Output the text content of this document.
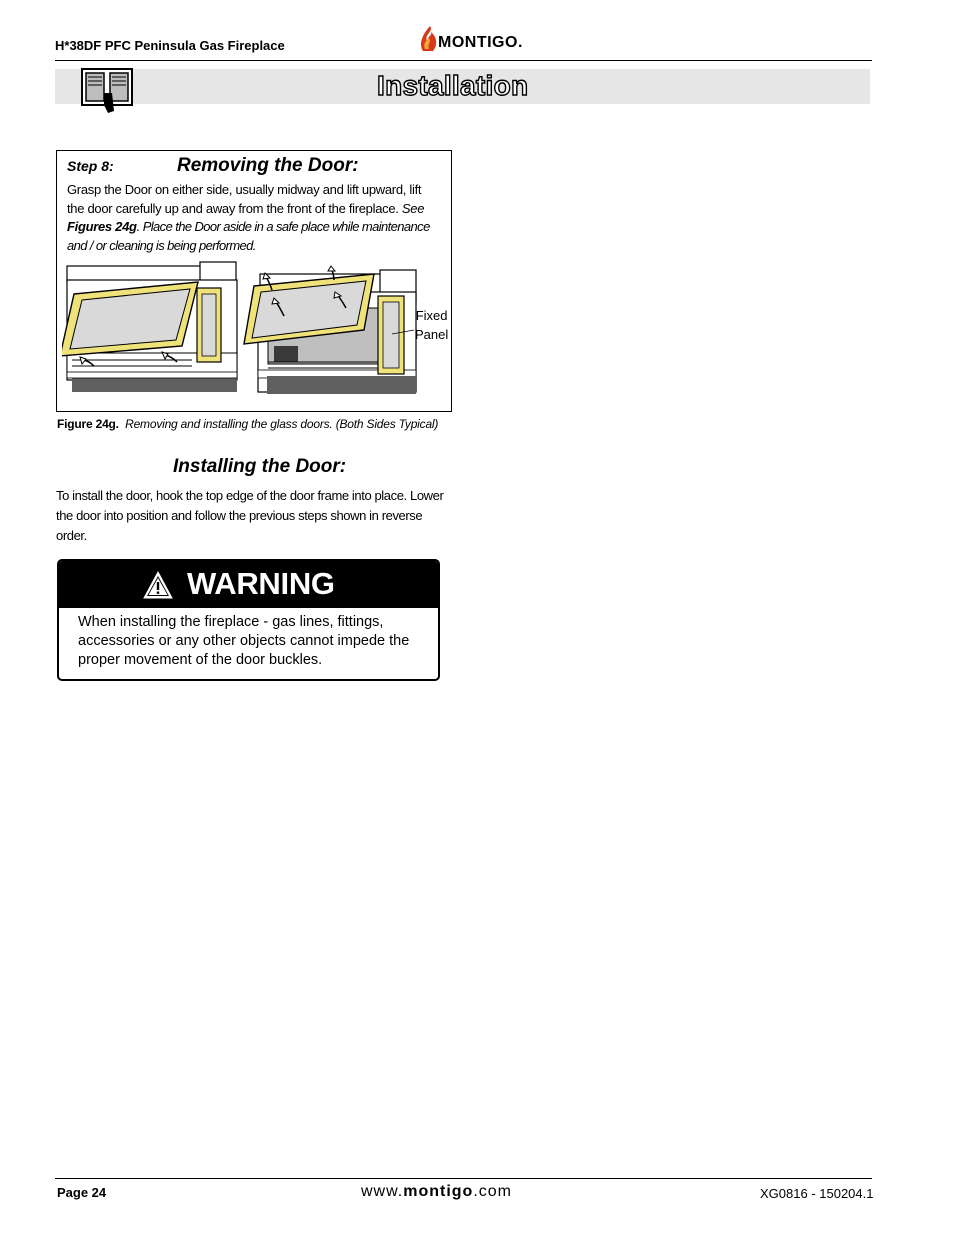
H*38DF PFC Peninsula Gas Fireplace	MONTIGO.
Installation
Step 8:	Removing the Door:
Grasp the Door on either side, usually midway and lift upward, lift the door carefully up and away from the front of the fireplace. See Figures 24g. Place the Door aside in a safe place while maintenance and / or cleaning is being performed.
Fixed
Panel
Figure 24g. Removing and installing the glass doors. (Both Sides Typical)
Installing the Door:
To install the door, hook the top edge of the door frame into place. Lower the door into position and follow the previous steps shown in reverse order.
WARNING
When installing the fireplace - gas lines, fittings, accessories or any other objects cannot impede the proper movement of the door buckles.
Page 24	www.montigo.com	XG0816 - 150204.1
